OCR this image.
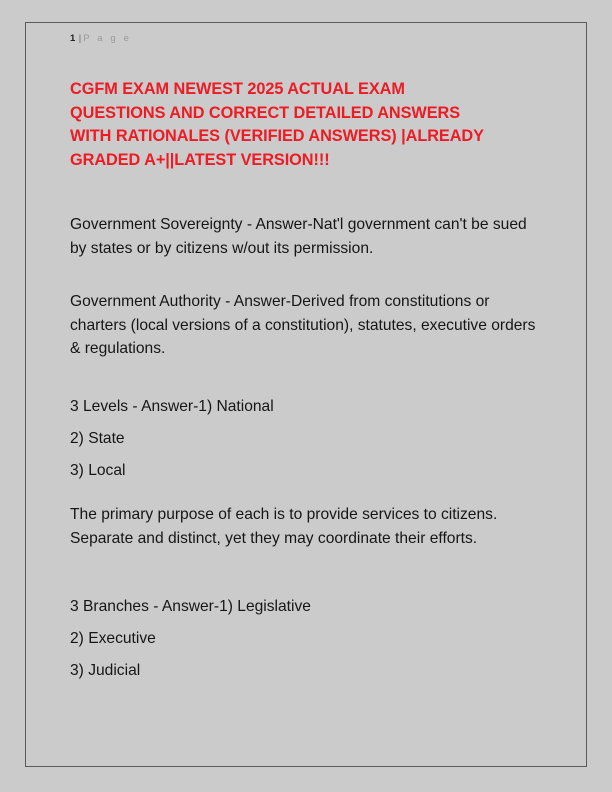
1 | P a g e
CGFM EXAM NEWEST 2025 ACTUAL EXAM
QUESTIONS AND CORRECT DETAILED ANSWERS
WITH RATIONALES (VERIFIED ANSWERS) |ALREADY
GRADED A+||LATEST VERSION!!!

Government Sovereignty - Answer-Nat'l government can't be sued by states or by citizens w/out its permission.

Government Authority - Answer-Derived from constitutions or charters (local versions of a constitution), statutes, executive orders & regulations.

3 Levels - Answer-1) National

2) State

3) Local

The primary purpose of each is to provide services to citizens. Separate and distinct, yet they may coordinate their efforts.

3 Branches - Answer-1) Legislative

2) Executive

3) Judicial
